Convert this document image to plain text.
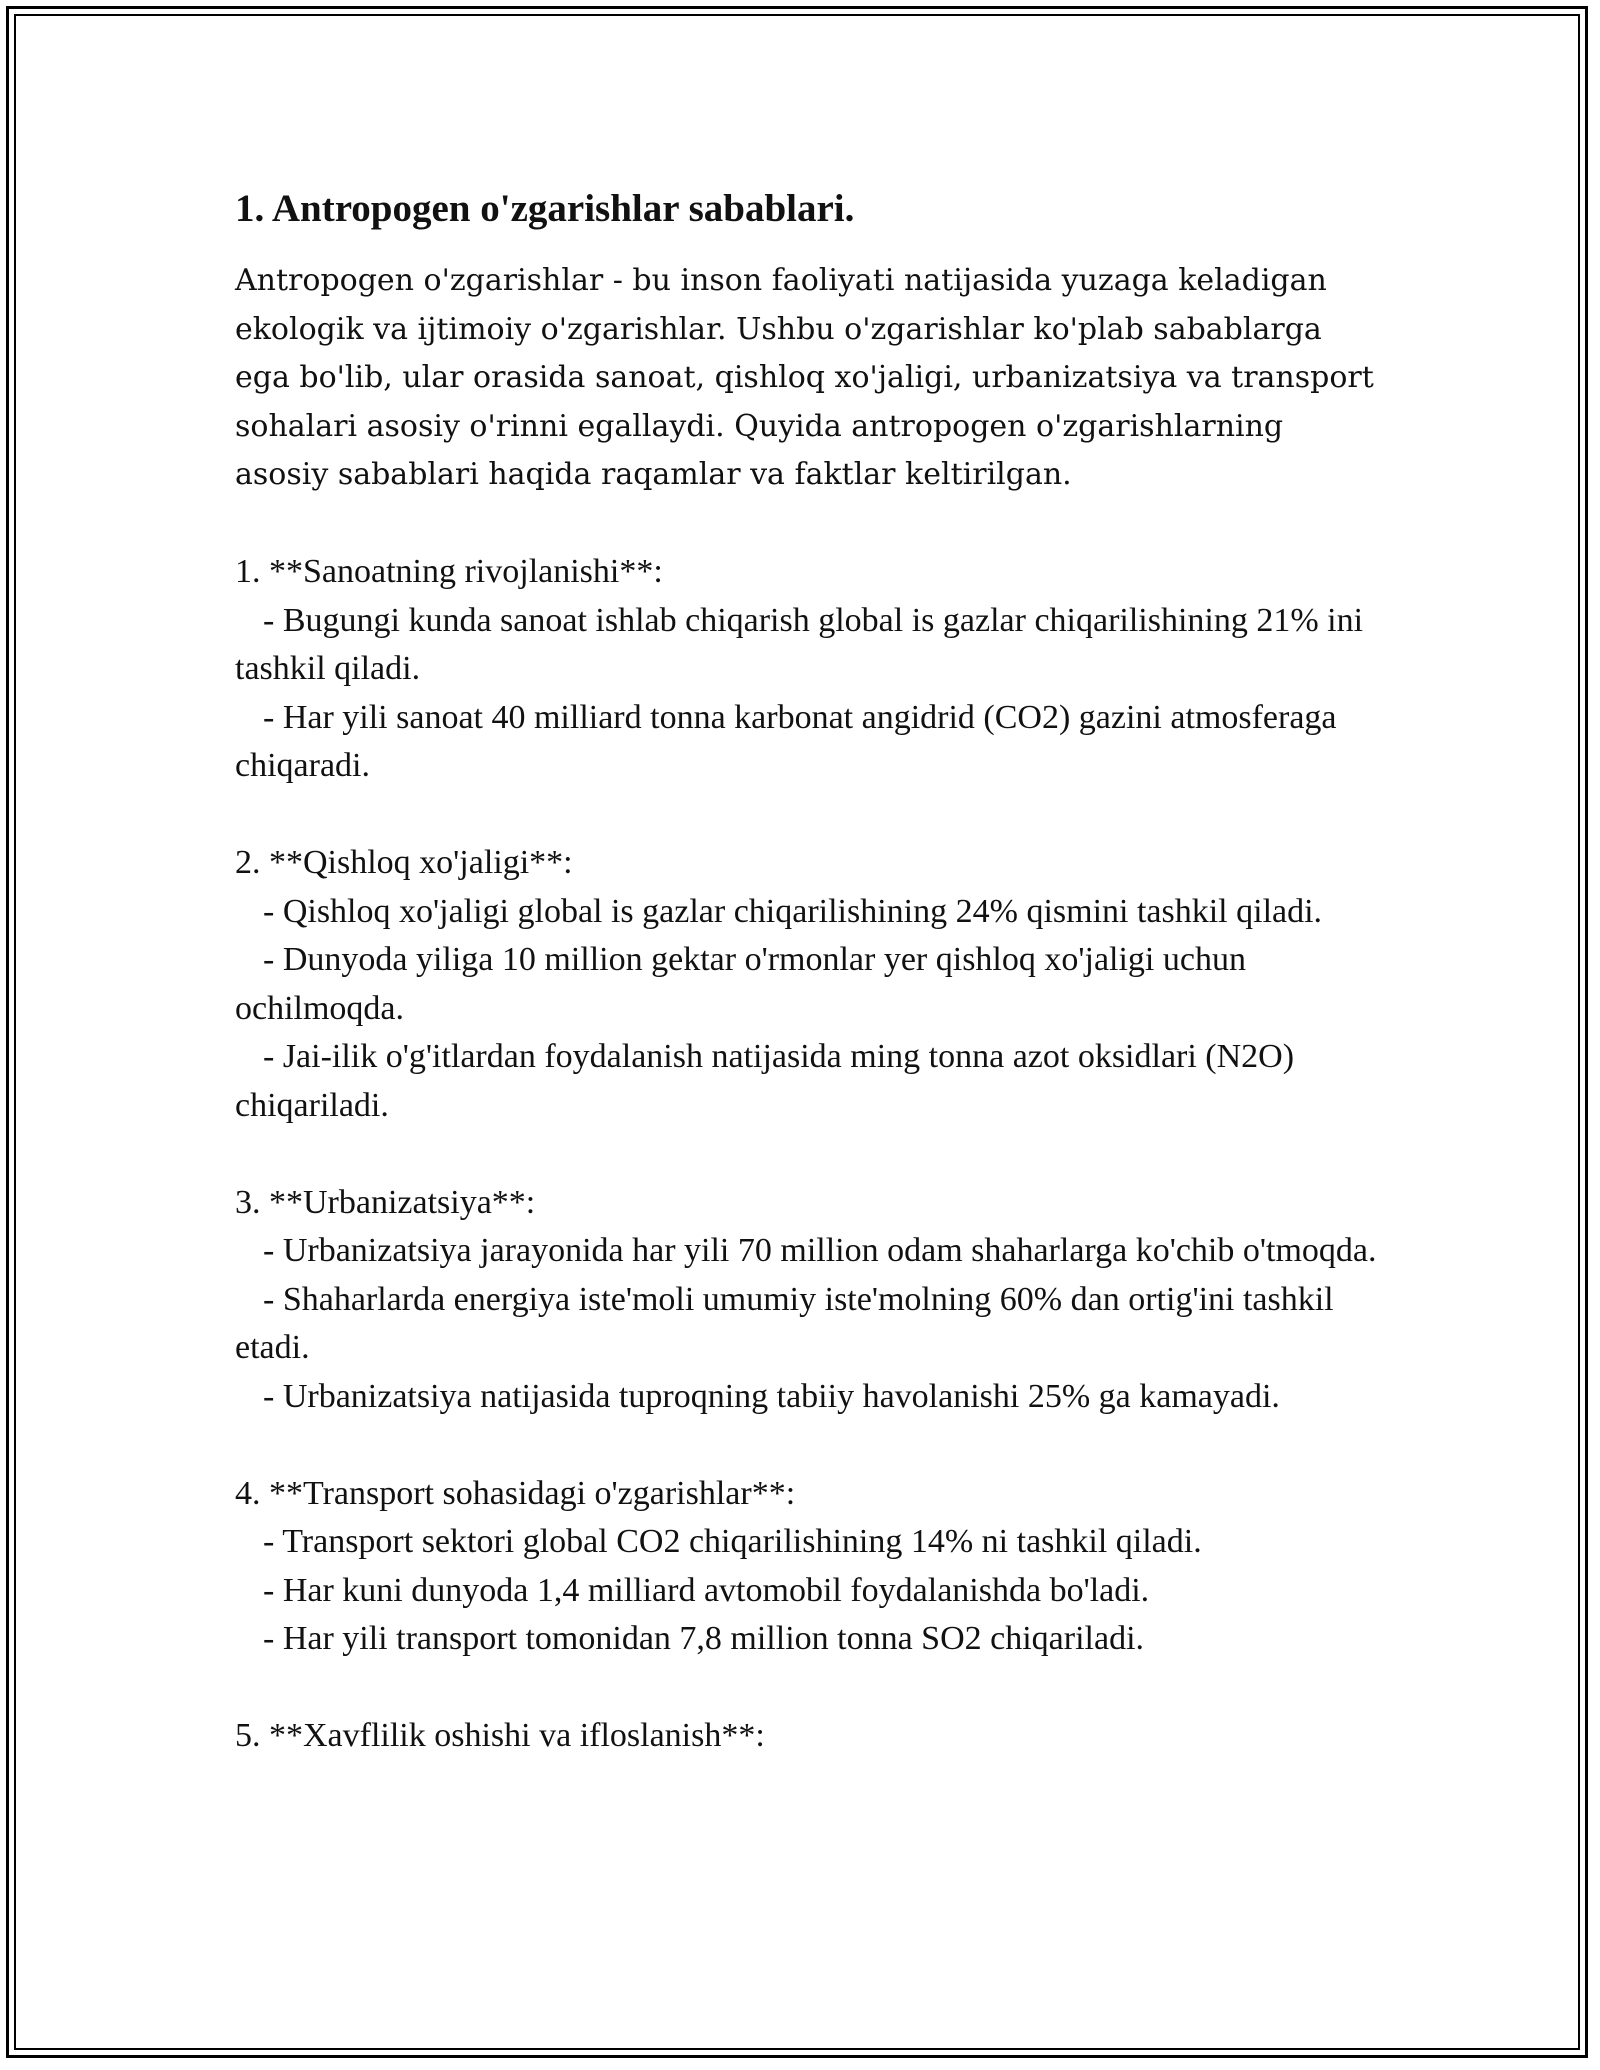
1. Antropogen o'zgarishlar sabablari.

Antropogen o'zgarishlar - bu inson faoliyati natijasida yuzaga keladigan ekologik va ijtimoiy o'zgarishlar. Ushbu o'zgarishlar ko'plab sabablarga ega bo'lib, ular orasida sanoat, qishloq xo'jaligi, urbanizatsiya va transport sohalari asosiy o'rinni egallaydi. Quyida antropogen o'zgarishlarning asosiy sabablari haqida raqamlar va faktlar keltirilgan.

1. **Sanoatning rivojlanishi**:
- Bugungi kunda sanoat ishlab chiqarish global is gazlar chiqarilishining 21% ini tashkil qiladi.
- Har yili sanoat 40 milliard tonna karbonat angidrid (CO2) gazini atmosferaga chiqaradi.
2. **Qishloq xo'jaligi**:
- Qishloq xo'jaligi global is gazlar chiqarilishining 24% qismini tashkil qiladi.
- Dunyoda yiliga 10 million gektar o'rmonlar yer qishloq xo'jaligi uchun ochilmoqda.
- Jai-ilik o'g'itlardan foydalanish natijasida ming tonna azot oksidlari (N2O) chiqariladi.
3. **Urbanizatsiya**:
- Urbanizatsiya jarayonida har yili 70 million odam shaharlarga ko'chib o'tmoqda.
- Shaharlarda energiya iste'moli umumiy iste'molning 60% dan ortig'ini tashkil etadi.
- Urbanizatsiya natijasida tuproqning tabiiy havolanishi 25% ga kamayadi.
4. **Transport sohasidagi o'zgarishlar**:
- Transport sektori global CO2 chiqarilishining 14% ni tashkil qiladi.
- Har kuni dunyoda 1,4 milliard avtomobil foydalanishda bo'ladi.
- Har yili transport tomonidan 7,8 million tonna SO2 chiqariladi.
5. **Xavflilik oshishi va ifloslanish**:
